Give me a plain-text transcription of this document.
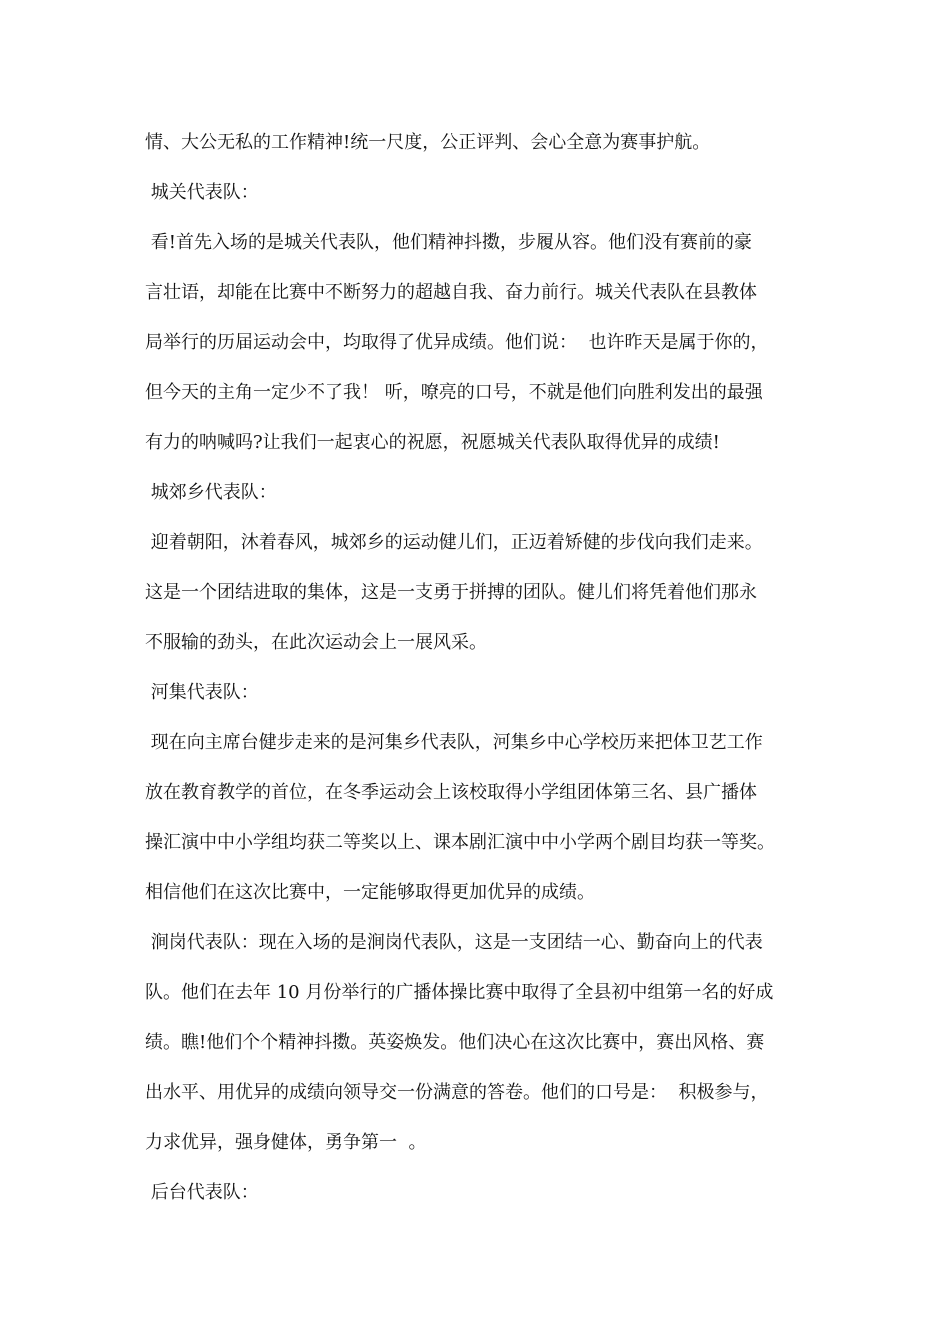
情、大公无私的工作精神!统一尺度，公正评判、会心全意为赛事护航。
城关代表队：
看!首先入场的是城关代表队，他们精神抖擞，步履从容。他们没有赛前的豪
言壮语，却能在比赛中不断努力的超越自我、奋力前行。城关代表队在县教体
局举行的历届运动会中，均取得了优异成绩。他们说：  也许昨天是属于你的，
但今天的主角一定少不了我！ 听，嘹亮的口号，不就是他们向胜利发出的最强
有力的呐喊吗?让我们一起衷心的祝愿，祝愿城关代表队取得优异的成绩!
城郊乡代表队：
迎着朝阳，沐着春风，城郊乡的运动健儿们，正迈着矫健的步伐向我们走来。
这是一个团结进取的集体，这是一支勇于拼搏的团队。健儿们将凭着他们那永
不服输的劲头，在此次运动会上一展风采。
河集代表队：
现在向主席台健步走来的是河集乡代表队，河集乡中心学校历来把体卫艺工作
放在教育教学的首位，在冬季运动会上该校取得小学组团体第三名、县广播体
操汇演中中小学组均获二等奖以上、课本剧汇演中中小学两个剧目均获一等奖。
相信他们在这次比赛中，一定能够取得更加优异的成绩。
涧岗代表队：现在入场的是涧岗代表队，这是一支团结一心、勤奋向上的代表
队。他们在去年 10 月份举行的广播体操比赛中取得了全县初中组第一名的好成
绩。瞧!他们个个精神抖擞。英姿焕发。他们决心在这次比赛中，赛出风格、赛
出水平、用优异的成绩向领导交一份满意的答卷。他们的口号是：  积极参与，
力求优异，强身健体，勇争第一  。
后台代表队：
